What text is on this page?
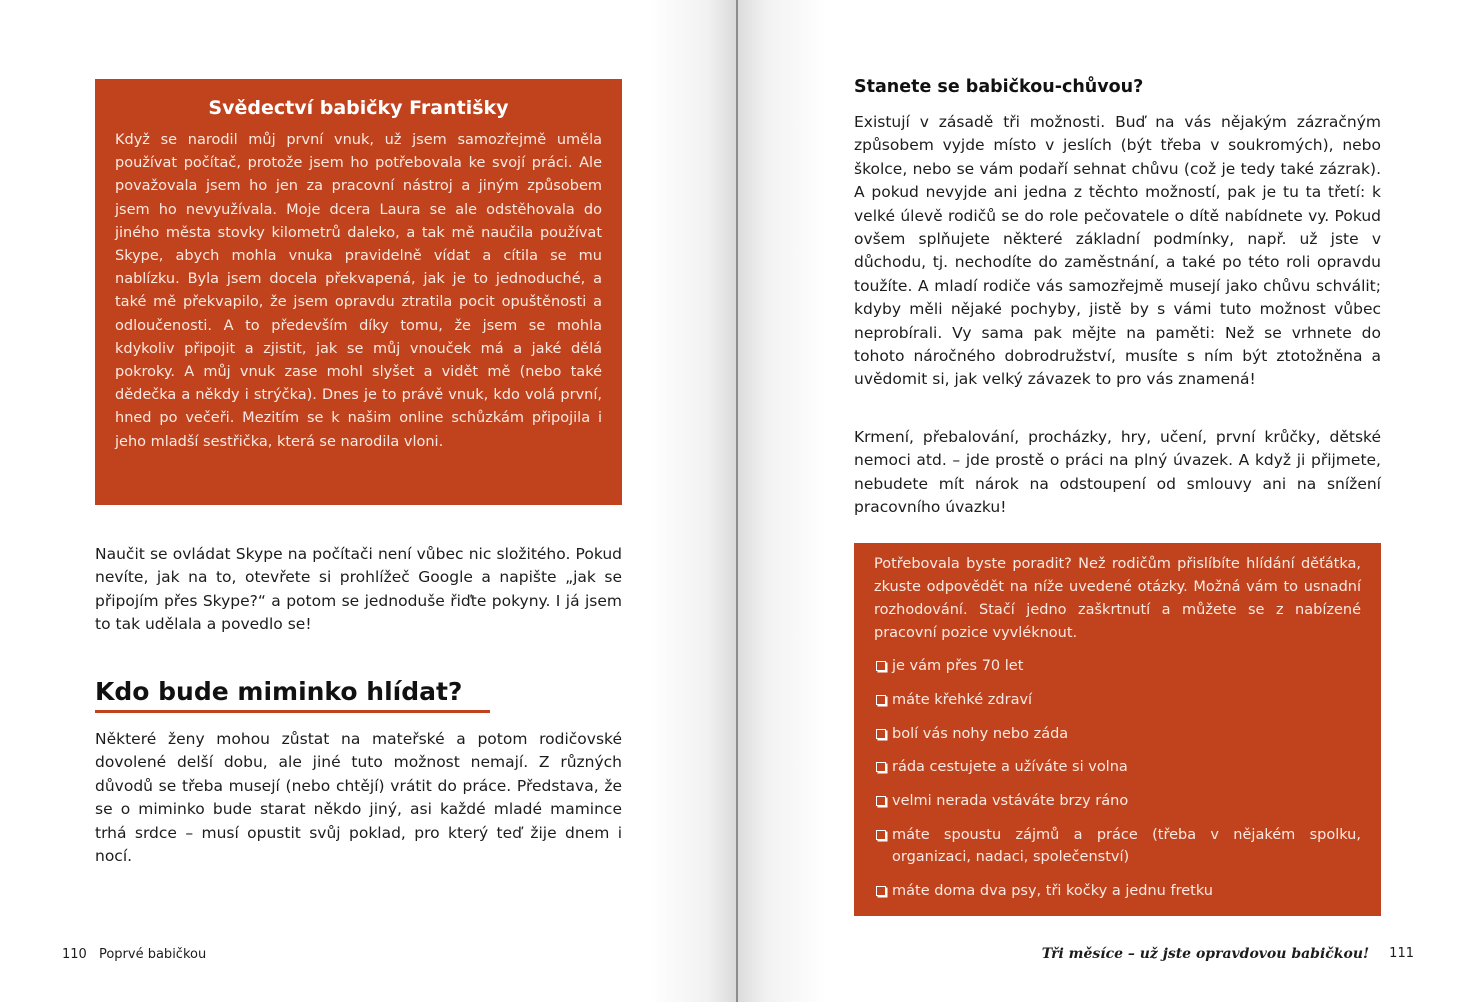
Svědectví babičky Františky

Když se narodil můj první vnuk, už jsem samozřejmě uměla používat počítač, protože jsem ho potřebovala ke svojí práci. Ale považovala jsem ho jen za pracovní nástroj a jiným způsobem jsem ho nevyužívala. Moje dcera Laura se ale odstěhovala do jiného města stovky kilometrů daleko, a tak mě naučila používat Skype, abych mohla vnuka pravidelně vídat a cítila se mu nablízku. Byla jsem docela překvapená, jak je to jednoduché, a také mě překvapilo, že jsem opravdu ztratila pocit opuštěnosti a odloučenosti. A to především díky tomu, že jsem se mohla kdykoliv připojit a zjistit, jak se můj vnouček má a jaké dělá pokroky. A můj vnuk zase mohl slyšet a vidět mě (nebo také dědečka a někdy i strýčka). Dnes je to právě vnuk, kdo volá první, hned po večeři. Mezitím se k našim online schůzkám připojila i jeho mladší sestřička, která se narodila vloni.

Naučit se ovládat Skype na počítači není vůbec nic složitého. Pokud nevíte, jak na to, otevřete si prohlížeč Google a napište „jak se připojím přes Skype?“ a potom se jednoduše řiďte pokyny. I já jsem to tak udělala a povedlo se!

Kdo bude miminko hlídat?

Některé ženy mohou zůstat na mateřské a potom rodičovské dovolené delší dobu, ale jiné tuto možnost nemají. Z různých důvodů se třeba musejí (nebo chtějí) vrátit do práce. Představa, že se o miminko bude starat někdo jiný, asi každé mladé mamince trhá srdce – musí opustit svůj poklad, pro který teď žije dnem i nocí.

110 Poprvé babičkou
Stanete se babičkou-chůvou?

Existují v zásadě tři možnosti. Buď na vás nějakým zázračným způsobem vyjde místo v jeslích (být třeba v soukromých), nebo školce, nebo se vám podaří sehnat chůvu (což je tedy také zázrak). A pokud nevyjde ani jedna z těchto možností, pak je tu ta třetí: k velké úlevě rodičů se do role pečovatele o dítě nabídnete vy. Pokud ovšem splňujete některé základní podmínky, např. už jste v důchodu, tj. nechodíte do zaměstnání, a také po této roli opravdu toužíte. A mladí rodiče vás samozřejmě musejí jako chůvu schválit; kdyby měli nějaké pochyby, jistě by s vámi tuto možnost vůbec neprobírali. Vy sama pak mějte na paměti: Než se vrhnete do tohoto náročného dobrodružství, musíte s ním být ztotožněna a uvědomit si, jak velký závazek to pro vás znamená!

Krmení, přebalování, procházky, hry, učení, první krůčky, dětské nemoci atd. – jde prostě o práci na plný úvazek. A když ji přijmete, nebudete mít nárok na odstoupení od smlouvy ani na snížení pracovního úvazku!

Potřebovala byste poradit? Než rodičům přislíbíte hlídání děťátka, zkuste odpovědět na níže uvedené otázky. Možná vám to usnadní rozhodování. Stačí jedno zaškrtnutí a můžete se z nabízené pracovní pozice vyvléknout.

je vám přes 70 let
máte křehké zdraví
bolí vás nohy nebo záda
ráda cestujete a užíváte si volna
velmi nerada vstáváte brzy ráno
máte spoustu zájmů a práce (třeba v nějakém spolku, organizaci, nadaci, společenství)
máte doma dva psy, tři kočky a jednu fretku
Tři měsíce – už jste opravdovou babičkou! 111
